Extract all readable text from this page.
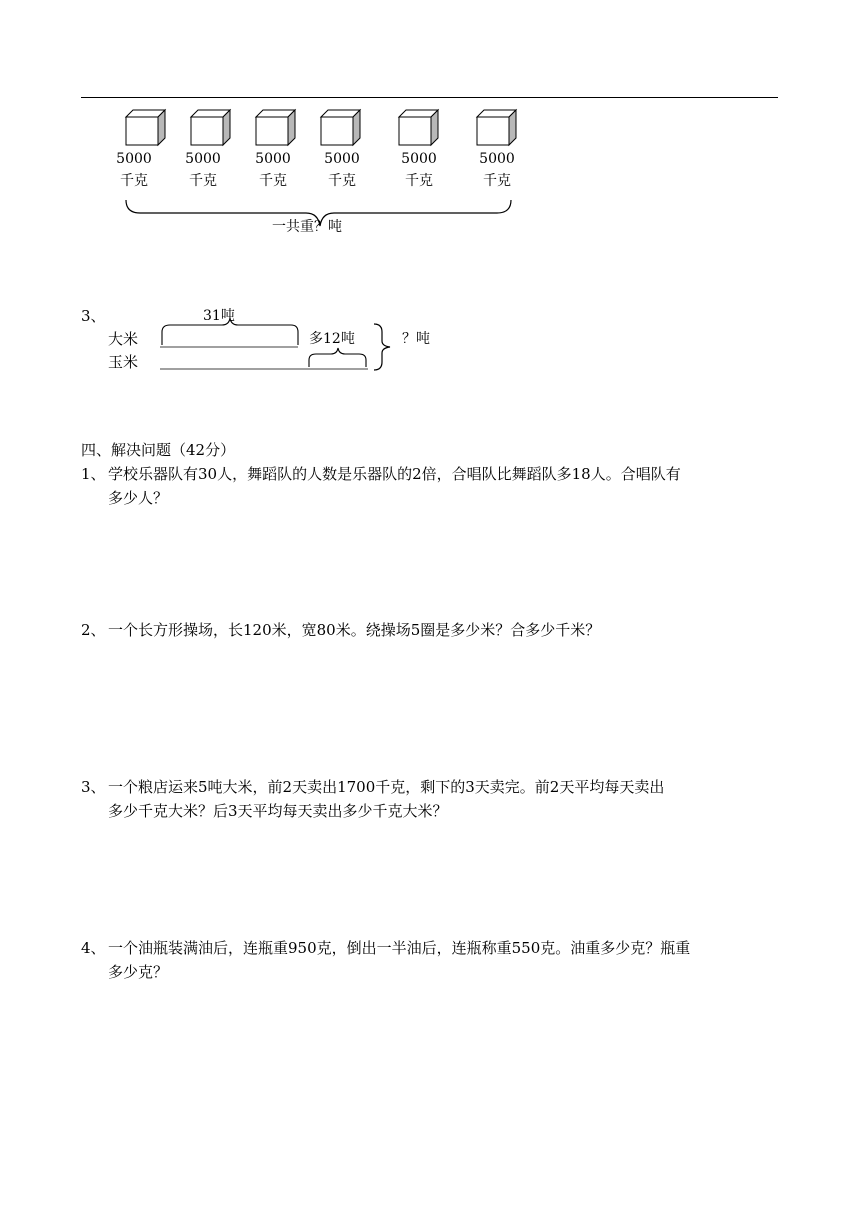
5000
千克
5000
千克
5000
千克
5000
千克
5000
千克
5000
千克
一共重？吨
3、	31吨
大米
玉米
多12吨	？吨
四、解决问题（42分）
1、 学校乐器队有30人，舞蹈队的人数是乐器队的2倍，合唱队比舞蹈队多18人。合唱队有
多少人？
2、 一个长方形操场，长120米，宽80米。绕操场5圈是多少米？合多少千米？
3、 一个粮店运来5吨大米，前2天卖出1700千克，剩下的3天卖完。前2天平均每天卖出
多少千克大米？后3天平均每天卖出多少千克大米？
4、 一个油瓶装满油后，连瓶重950克，倒出一半油后，连瓶称重550克。油重多少克？瓶重
多少克？
